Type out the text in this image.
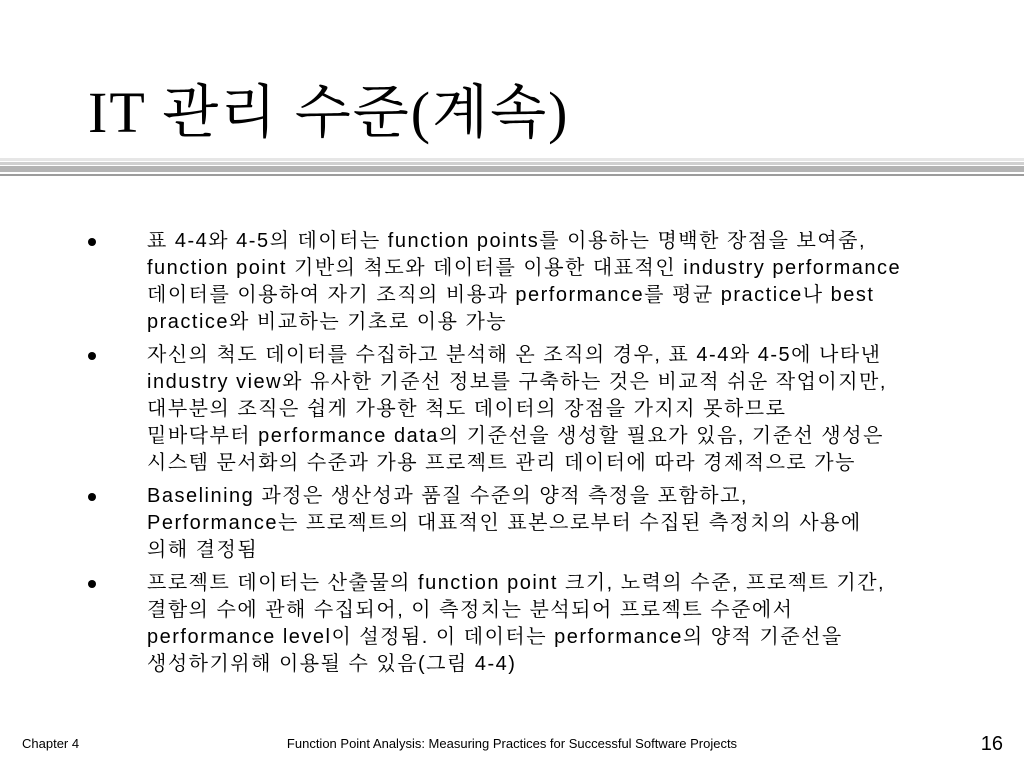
IT 관리 수준(계속)
표 4-4와 4-5의 데이터는 function points를 이용하는 명백한 장점을 보여줌,
function point 기반의 척도와 데이터를 이용한 대표적인 industry performance
데이터를 이용하여 자기 조직의 비용과 performance를 평균 practice나 best
practice와 비교하는 기초로 이용 가능
자신의 척도 데이터를 수집하고 분석해 온 조직의 경우, 표 4-4와 4-5에 나타낸
industry view와 유사한 기준선 정보를 구축하는 것은 비교적 쉬운 작업이지만,
대부분의 조직은 쉽게 가용한 척도 데이터의 장점을 가지지 못하므로
밑바닥부터 performance data의 기준선을 생성할 필요가 있음, 기준선 생성은
시스템 문서화의 수준과 가용 프로젝트 관리 데이터에 따라 경제적으로 가능
Baselining 과정은 생산성과 품질 수준의 양적 측정을 포함하고,
Performance는 프로젝트의 대표적인 표본으로부터 수집된 측정치의 사용에
의해 결정됨
프로젝트 데이터는 산출물의 function point 크기, 노력의 수준, 프로젝트 기간,
결함의 수에 관해 수집되어, 이 측정치는 분석되어 프로젝트 수준에서
performance level이 설정됨. 이 데이터는 performance의 양적 기준선을
생성하기위해 이용될 수 있음(그림 4-4)
Chapter 4	Function Point Analysis: Measuring Practices for Successful Software Projects	16
